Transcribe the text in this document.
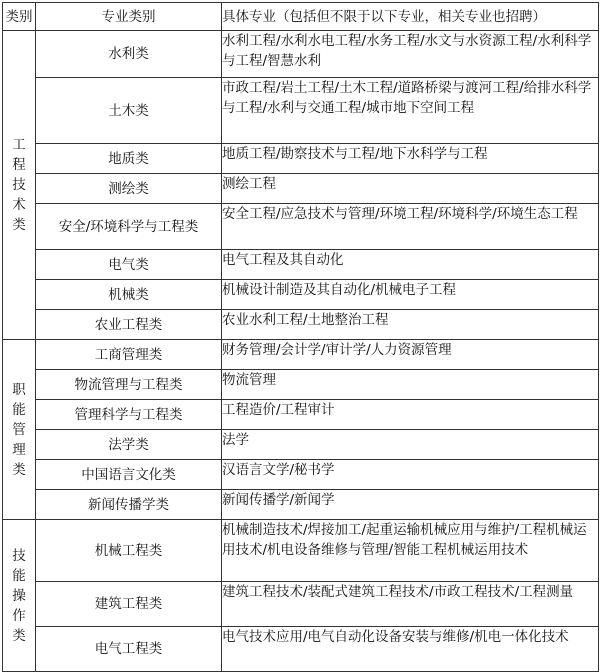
类别	专业类别	具体专业（包括但不限于以下专业，相关专业也招聘）
工程技术类	水利类	水利工程/水利水电工程/水务工程/水文与水资源工程/水利科学与工程/智慧水利
	土木类	市政工程/岩土工程/土木工程/道路桥梁与渡河工程/给排水科学与工程/水利与交通工程/城市地下空间工程
	地质类	地质工程/勘察技术与工程/地下水科学与工程
	测绘类	测绘工程
	安全/环境科学与工程类	安全工程/应急技术与管理/环境工程/环境科学/环境生态工程
	电气类	电气工程及其自动化
	机械类	机械设计制造及其自动化/机械电子工程
	农业工程类	农业水利工程/土地整治工程
职能管理类	工商管理类	财务管理/会计学/审计学/人力资源管理
	物流管理与工程类	物流管理
	管理科学与工程类	工程造价/工程审计
	法学类	法学
	中国语言文化类	汉语言文学/秘书学
	新闻传播学类	新闻传播学/新闻学
技能操作类	机械工程类	机械制造技术/焊接加工/起重运输机械应用与维护/工程机械运用技术/机电设备维修与管理/智能工程机械运用技术
	建筑工程类	建筑工程技术/装配式建筑工程技术/市政工程技术/工程测量
	电气工程类	电气技术应用/电气自动化设备安装与维修/机电一体化技术
